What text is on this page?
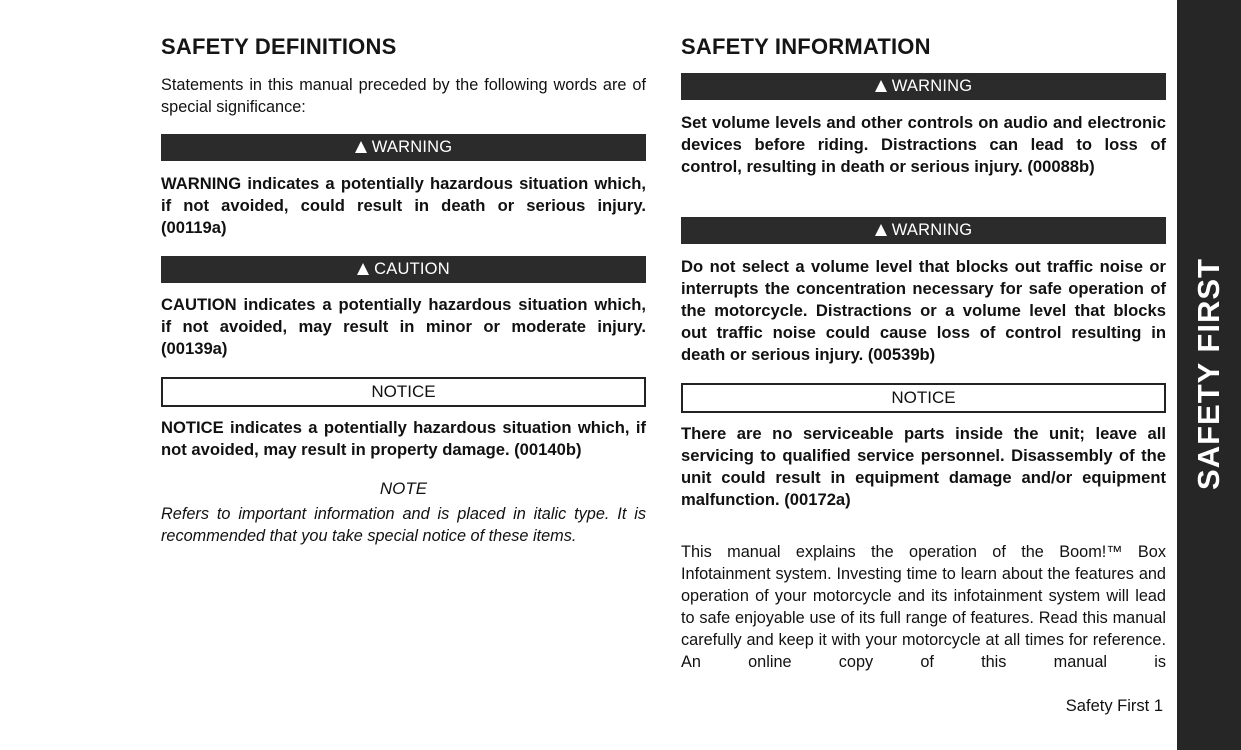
SAFETY DEFINITIONS
Statements in this manual preceded by the following words are of special significance:
WARNING
WARNING indicates a potentially hazardous situation which, if not avoided, could result in death or serious injury. (00119a)
CAUTION
CAUTION indicates a potentially hazardous situation which, if not avoided, may result in minor or moderate injury. (00139a)
NOTICE
NOTICE indicates a potentially hazardous situation which, if not avoided, may result in property damage. (00140b)
NOTE
Refers to important information and is placed in italic type. It is recommended that you take special notice of these items.
SAFETY INFORMATION
WARNING
Set volume levels and other controls on audio and electronic devices before riding. Distractions can lead to loss of control, resulting in death or serious injury. (00088b)
WARNING
Do not select a volume level that blocks out traffic noise or interrupts the concentration necessary for safe operation of the motorcycle. Distractions or a volume level that blocks out traffic noise could cause loss of control resulting in death or serious injury. (00539b)
NOTICE
There are no serviceable parts inside the unit; leave all servicing to qualified service personnel. Disassembly of the unit could result in equipment damage and/or equipment malfunction. (00172a)
This manual explains the operation of the Boom!™ Box Infotainment system. Investing time to learn about the features and operation of your motorcycle and its infotainment system will lead to safe enjoyable use of its full range of features. Read this manual carefully and keep it with your motorcycle at all times for reference. An online copy of this manual is
Safety First 1
SAFETY FIRST
